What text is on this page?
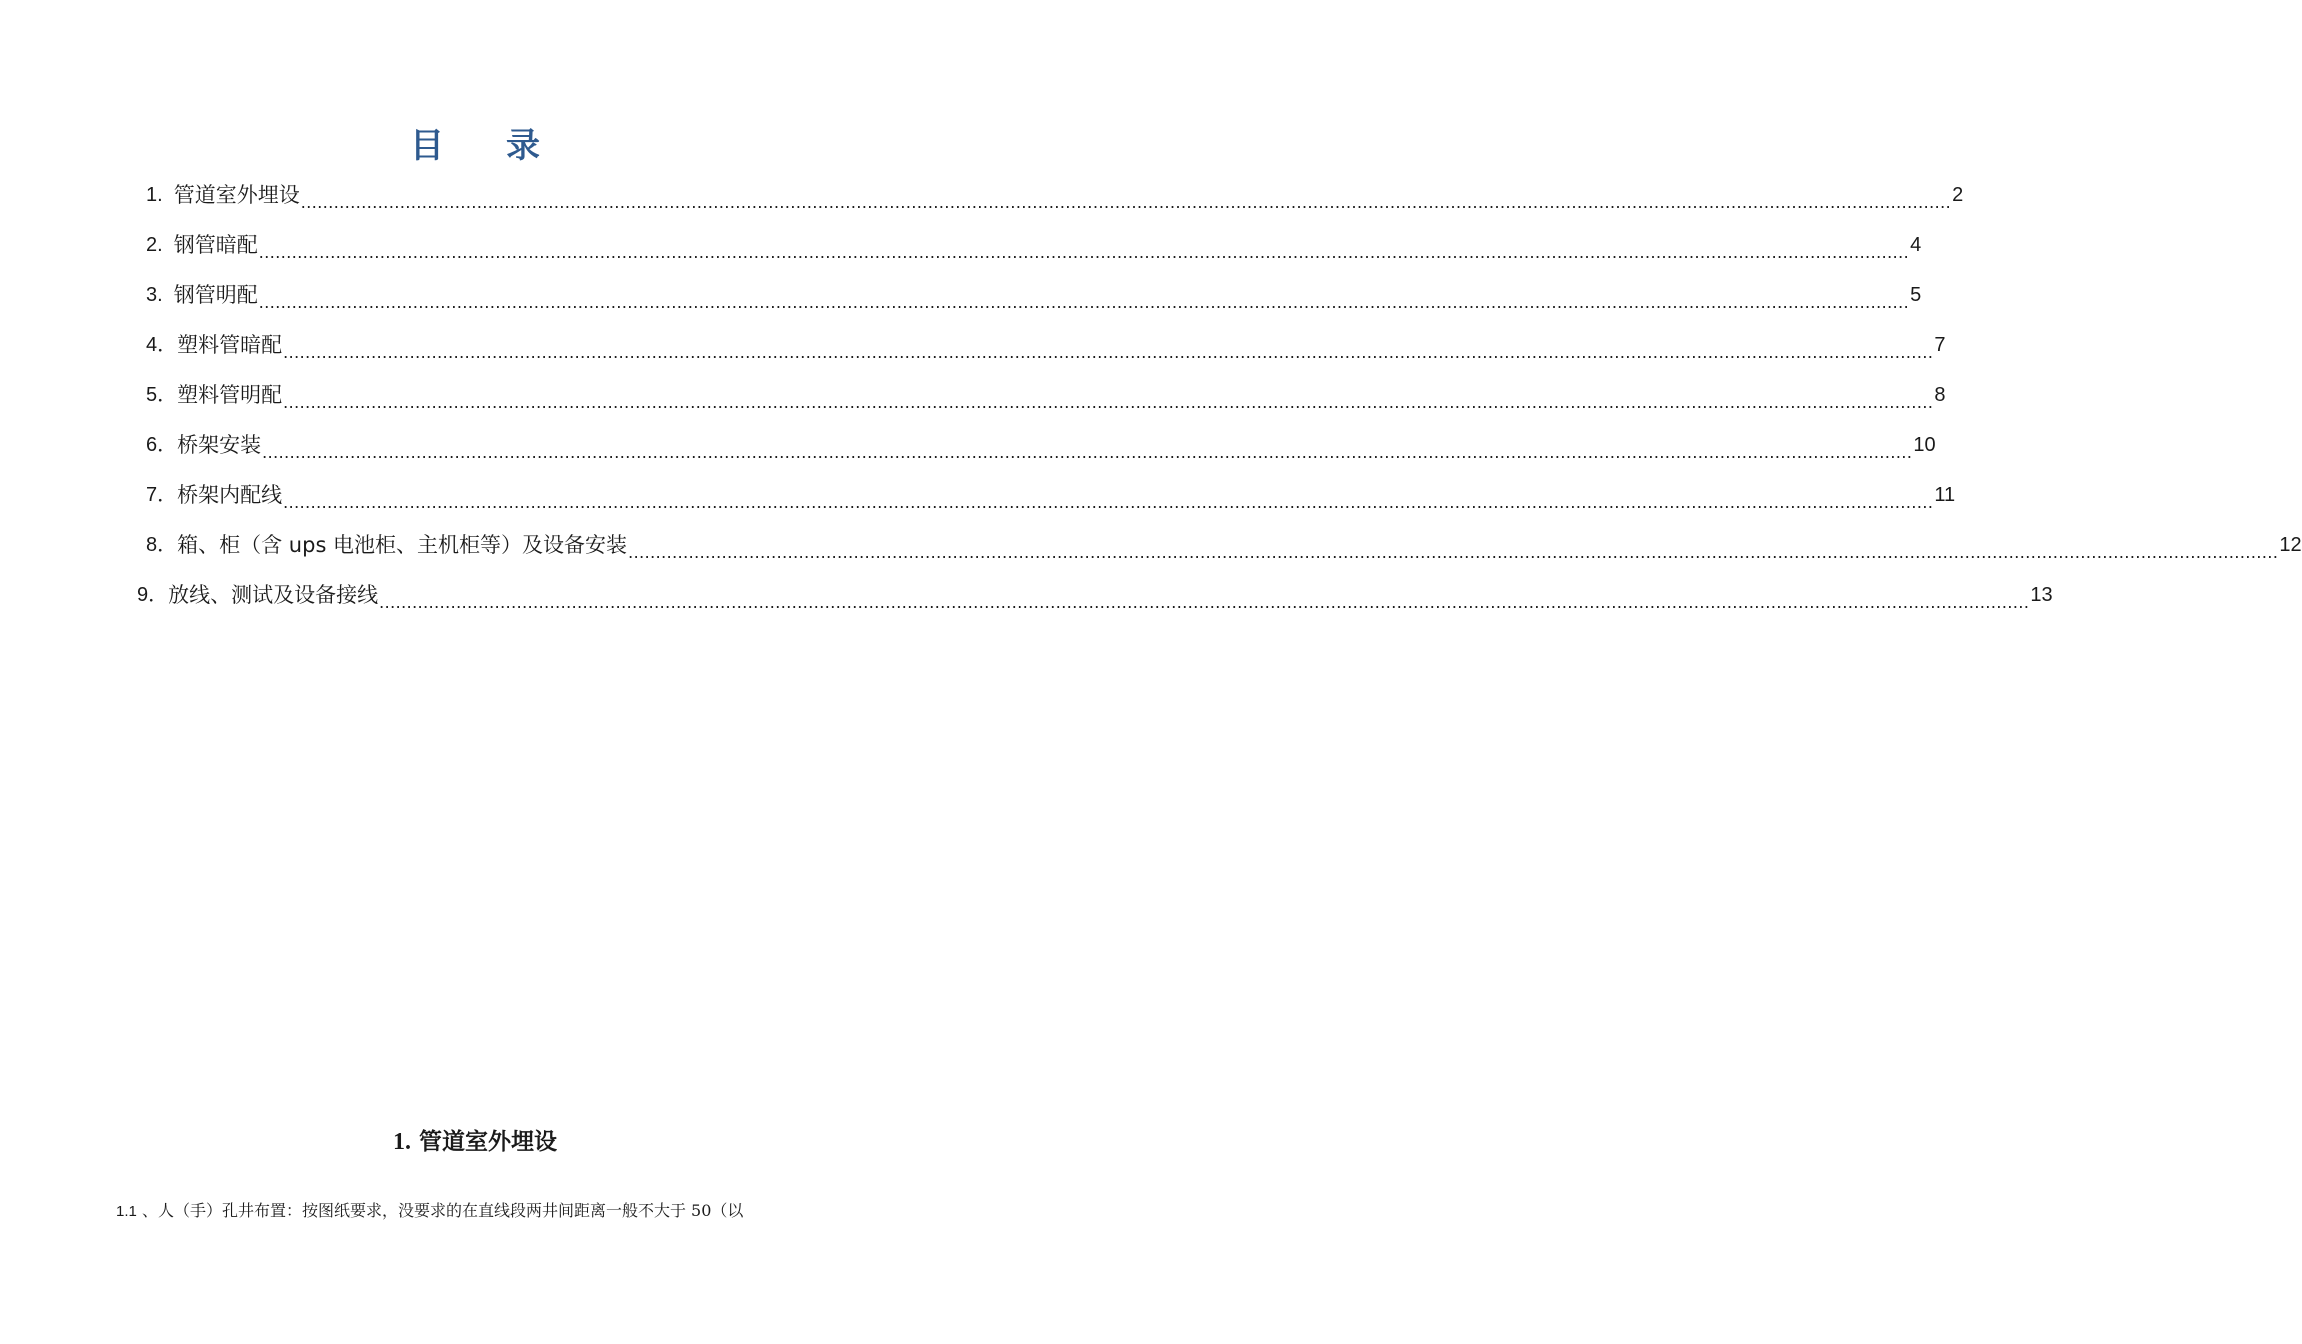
目 录
1. 管道室外埋设 ............................................................................................................................................................................................................................................................................................................ 2
2. 钢管暗配 ............................................................................................................................................................................................................................................................................................................ 4
3. 钢管明配 ............................................................................................................................................................................................................................................................................................................ 5
4． 塑料管暗配 ............................................................................................................................................................................................................................................................................................................ 7
5． 塑料管明配 ............................................................................................................................................................................................................................................................................................................ 8
6． 桥架安装 ............................................................................................................................................................................................................................................................................................................ 10
7． 桥架内配线 ............................................................................................................................................................................................................................................................................................................ 11
8． 箱、柜（含 ups 电池柜、主机柜等）及设备安装 ............................................................................................................................................................................................................................................................................................................ 12
9． 放线、测试及设备接线 ............................................................................................................................................................................................................................................................................................................ 13
1. 管道室外埋设
1.1 、人（手）孔井布置：按图纸要求，没要求的在直线段两井间距离一般不大于 50（以
